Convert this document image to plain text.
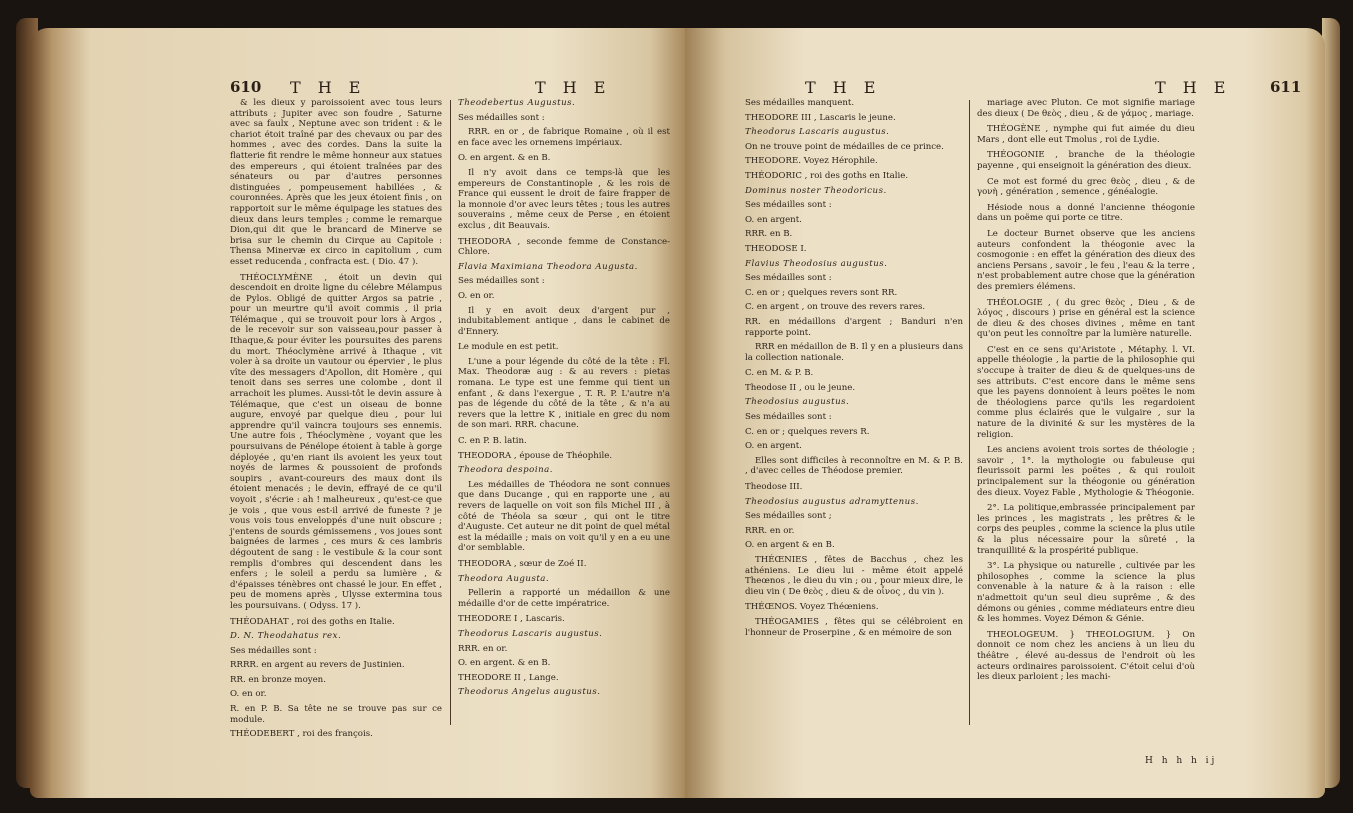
610 T H E	T H E

& les dieux y paroissoient avec tous leurs attributs ; Jupiter avec son foudre , Saturne avec sa faulx , Neptune avec son trident : & le chariot étoit traîné par des chevaux ou par des hommes , avec des cordes. Dans la suite la flatterie fit rendre le même honneur aux statues des empereurs , qui étoient traînées par des sénateurs ou par d'autres personnes distinguées , pompeusement habillées , & couronnées. Après que les jeux étoient finis , on rapportoit sur le même équipage les statues des dieux dans leurs temples ; comme le remarque Dion,qui dit que le brancard de Minerve se brisa sur le chemin du Cirque au Capitole : Thensa Minervæ ex circo in capitolium , cum esset reducenda , confracta est. ( Dio. 47 ).

THÉOCLYMÈNE , étoit un devin qui descendoit en droite ligne du célebre Mélampus de Pylos. Obligé de quitter Argos sa patrie , pour un meurtre qu'il avoit commis , il pria Télémaque , qui se trouvoit pour lors à Argos , de le recevoir sur son vaisseau,pour passer à Ithaque,& pour éviter les poursuites des parens du mort. Théoclymène arrivé à Ithaque , vit voler à sa droite un vautour ou épervier , le plus vîte des messagers d'Apollon, dit Homère , qui tenoit dans ses serres une colombe , dont il arrachoit les plumes. Aussi-tôt le devin assure à Télémaque, que c'est un oiseau de bonne augure, envoyé par quelque dieu , pour lui apprendre qu'il vaincra toujours ses ennemis. Une autre fois , Théoclymène , voyant que les poursuivans de Pénélope étoient à table à gorge déployée , qu'en riant ils avoient les yeux tout noyés de larmes & poussoient de profonds soupirs , avant-coureurs des maux dont ils étoient menacés ; le devin, effrayé de ce qu'il voyoit , s'écrie : ah ! malheureux , qu'est-ce que je vois , que vous est-il arrivé de funeste ? je vous vois tous enveloppés d'une nuit obscure ; j'entens de sourds gémissemens , vos joues sont baignées de larmes , ces murs & ces lambris dégoutent de sang : le vestibule & la cour sont remplis d'ombres qui descendent dans les enfers ; le soleil a perdu sa lumière , & d'épaisses ténèbres ont chassé le jour. En effet , peu de momens après , Ulysse extermina tous les poursuivans. ( Odyss. 17 ).

THÉODAHAT , roi des goths en Italie.

D. N. Theodahatus rex.

Ses médailles sont :

RRRR. en argent au revers de Justinien.

RR. en bronze moyen.

O. en or.

R. en P. B. Sa tête ne se trouve pas sur ce module.

THÉODEBERT , roi des françois.

Theodebertus Augustus.

Ses médailles sont :

RRR. en or , de fabrique Romaine , où il est en face avec les ornemens impériaux.

O. en argent. & en B.

Il n'y avoit dans ce temps-là que les empereurs de Constantinople , & les rois de France qui eussent le droit de faire frapper de la monnoie d'or avec leurs têtes ; tous les autres souverains , même ceux de Perse , en étoient exclus , dit Beauvais.

THEODORA , seconde femme de Constance-Chlore.

Flavia Maximiana Theodora Augusta.

Ses médailles sont :

O. en or.

Il y en avoit deux d'argent pur , indubitablement antique , dans le cabinet de d'Ennery.

Le module en est petit.

L'une a pour légende du côté de la tête : Fl. Max. Theodoræ aug : & au revers : pietas romana. Le type est une femme qui tient un enfant , & dans l'exergue , T. R. P. L'autre n'a pas de légende du côté de la tête , & n'a au revers que la lettre K , initiale en grec du nom de son mari. RRR. chacune.

C. en P. B. latin.

THEODORA , épouse de Théophile.

Theodora despoina.

Les médailles de Théodora ne sont connues que dans Ducange , qui en rapporte une , au revers de laquelle on voit son fils Michel III , à côté de Théola sa sœur , qui ont le titre d'Auguste. Cet auteur ne dit point de quel métal est la médaille ; mais on voit qu'il y en a eu une d'or semblable.

THEODORA , sœur de Zoé II.

Theodora Augusta.

Pellerin a rapporté un médaillon & une médaille d'or de cette impératrice.

THEODORE I , Lascaris.

Theodorus Lascaris augustus.

RRR. en or.

O. en argent. & en B.

THEODORE II , Lange.

Theodorus Angelus augustus.

T H E	T H E	611

Ses médailles manquent.

THEODORE III , Lascaris le jeune.

Theodorus Lascaris augustus.

On ne trouve point de médailles de ce prince.

THEODORE. Voyez Hérophile.

THÉODORIC , roi des goths en Italie.

Dominus noster Theodoricus.

Ses médailles sont :

O. en argent.

RRR. en B.

THEODOSE I.

Flavius Theodosius augustus.

Ses médailles sont :

C. en or ; quelques revers sont RR.

C. en argent , on trouve des revers rares.

RR. en médaillons d'argent ; Banduri n'en rapporte point.

RRR en médaillon de B. Il y en a plusieurs dans la collection nationale.

C. en M. & P. B.

Theodose II , ou le jeune.

Theodosius augustus.

Ses médailles sont :

C. en or ; quelques revers R.

O. en argent.

Elles sont difficiles à reconnoître en M. & P. B. , d'avec celles de Théodose premier.

Theodose III.

Theodosius augustus adramyttenus.

Ses médailles sont ;

RRR. en or.

O. en argent & en B.

THÉŒNIES , fêtes de Bacchus , chez les athéniens. Le dieu lui - même étoit appelé Theœnos , le dieu du vin ; ou , pour mieux dire, le dieu vin ( De θεὸς , dieu & de οἶνος , du vin ).

THÉŒNOS. Voyez Théœniens.

THÉOGAMIES , fêtes qui se célébroient en l'honneur de Proserpine , & en mémoire de son

mariage avec Pluton. Ce mot signifie mariage des dieux ( De θεὸς , dieu , & de γάμος , mariage.

THÉOGÈNE , nymphe qui fut aimée du dieu Mars , dont elle eut Tmolus , roi de Lydie.

THÉOGONIE , branche de la théologie payenne , qui enseignoit la génération des dieux.

Ce mot est formé du grec θεὸς , dieu , & de γονὴ , génération , semence , généalogie.

Hésiode nous a donné l'ancienne théogonie dans un poëme qui porte ce titre.

Le docteur Burnet observe que les anciens auteurs confondent la théogonie avec la cosmogonie : en effet la génération des dieux des anciens Persans , savoir , le feu , l'eau & la terre , n'est probablement autre chose que la génération des premiers élémens.

THÉOLOGIE , ( du grec θεὸς , Dieu , & de λόγος , discours ) prise en général est la science de dieu & des choses divines , même en tant qu'on peut les connoître par la lumière naturelle.

C'est en ce sens qu'Aristote , Métaphy. l. VI. appelle théologie , la partie de la philosophie qui s'occupe à traiter de dieu & de quelques-uns de ses attributs. C'est encore dans le même sens que les payens donnoient à leurs poëtes le nom de théologiens parce qu'ils les regardoient comme plus éclairés que le vulgaire , sur la nature de la divinité & sur les mystères de la religion.

Les anciens avoient trois sortes de théologie ; savoir , 1°. la mythologie ou fabuleuse qui fleurissoit parmi les poëtes , & qui rouloit principalement sur la théogonie ou génération des dieux. Voyez Fable , Mythologie & Théogonie.

2°. La politique,embrassée principalement par les princes , les magistrats , les prêtres & le corps des peuples , comme la science la plus utile & la plus nécessaire pour la sûreté , la tranquillité & la prospérité publique.

3°. La physique ou naturelle , cultivée par les philosophes , comme la science la plus convenable à la nature & à la raison : elle n'admettoit qu'un seul dieu suprême , & des démons ou génies , comme médiateurs entre dieu & les hommes. Voyez Démon & Génie.

THEOLOGEUM. } THEOLOGIUM. } On donnoit ce nom chez les anciens à un lieu du théâtre , élevé au-dessus de l'endroit où les acteurs ordinaires paroissoient. C'étoit celui d'où les dieux parloient ; les machi-

H h h h ij
